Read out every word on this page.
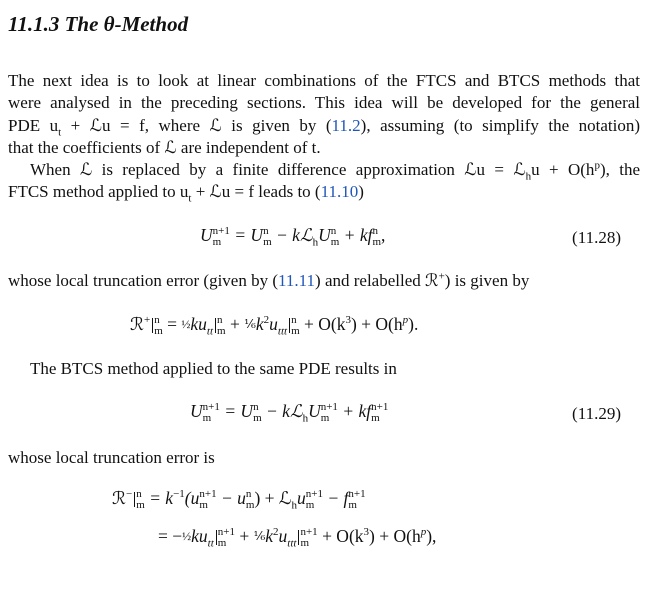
11.1.3 The θ-Method
The next idea is to look at linear combinations of the FTCS and BTCS methods that
were analysed in the preceding sections. This idea will be developed for the general
PDE $u_t$ + ℒu = f, where ℒ is given by (11.2), assuming (to simplify the notation)
that the coefficients of ℒ are independent of t.
When ℒ is replaced by a finite difference approximation ℒu = ℒ$_h$u + $O(h^p)$, the
FTCS method applied to $u_t$ + ℒu = f leads to (11.10)
U n+1
m = U n
m − kℒ$_h$U n
m + kf n
m ,	(11.28)
whose local truncation error (given by (11.11) and relabelled ℛ+) is given by
ℛ+ n
$m = \frac{1}{2}ku_{tt}$
n
$m + \frac{1}{6}k^2u_{ttt}$
n
$m + O(k^3) + O(h^p)$.
The BTCS method applied to the same PDE results in
U n+1
m = U n
m − kℒ$_h$U n+1
m + kf n+1
m	(11.29)
whose local truncation error is
ℛ− n
$m = k^{-1}(u$ n+1
m − u n
m ) + ℒ$_h$u n+1
m − f n+1
m
= $-\frac{1}{2}ku_{tt}$
n+1
$m + \frac{1}{6}k^2u_{ttt}$
n+1
$m + O(k^3) + O(h^p)$,
